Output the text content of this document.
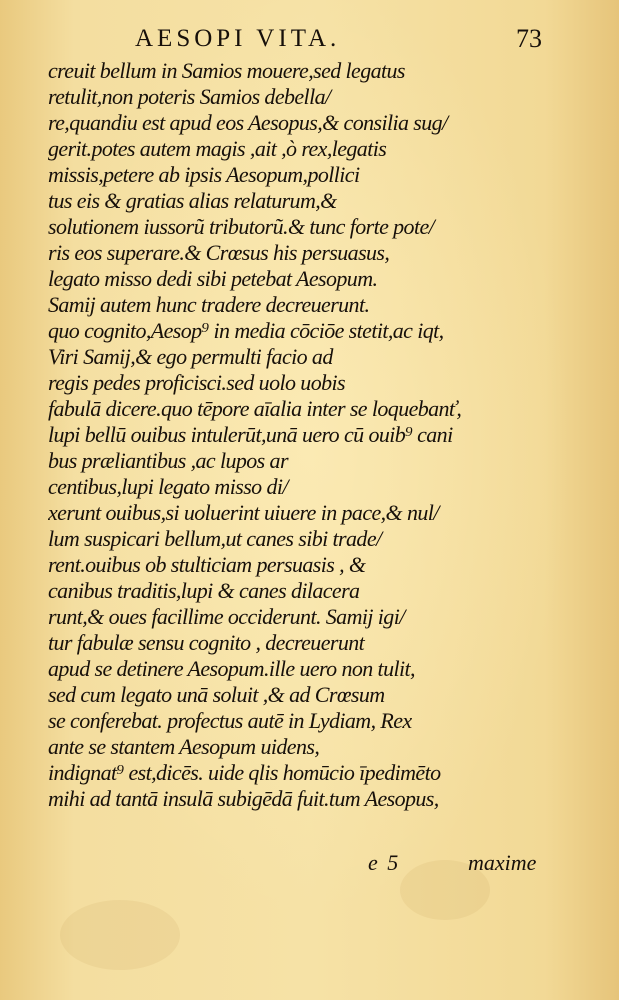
AESOPI VITA.	73
creuit bellum in Samios mouere,sed legatus
retulit,non poteris Samios debella/
re,quandiu est apud eos Aesopus,& consilia sug/
gerit.potes autem magis ,ait ,ò rex,legatis
missis,petere ab ipsis Aesopum,pollici
tus eis & gratias alias relaturum,&
solutionem iussorũ tributorũ.& tunc forte pote/
ris eos superare.& Crœsus his persuasus,
legato misso dedi sibi petebat Aesopum.
Samij autem hunc tradere decreuerunt.
quo cognito,Aesop⁹ in media cōciōe stetit,ac iqt,
Viri Samij,& ego permulti facio ad
regis pedes proficisci.sed uolo uobis
fabulā dicere.quo tēpore aīalia inter se loquebanť,
lupi bellū ouibus intulerūt,unā uero cū ouib⁹ cani
bus præliantibus ,ac lupos ar
centibus,lupi legato misso di/
xerunt ouibus,si uoluerint uiuere in pace,& nul/
lum suspicari bellum,ut canes sibi trade/
rent.ouibus ob stulticiam persuasis , &
canibus traditis,lupi & canes dilacera
runt,& oues facillime occiderunt. Samij igi/
tur fabulæ sensu cognito , decreuerunt
apud se detinere Aesopum.ille uero non tulit,
sed cum legato unā soluit ,& ad Crœsum
se conferebat. profectus autē in Lydiam, Rex
ante se stantem Aesopum uidens,
indignat⁹ est,dicēs. uide qlis homūcio īpedimēto
mihi ad tantā insulā subigēdā fuit.tum Aesopus,
e 5	maxime
